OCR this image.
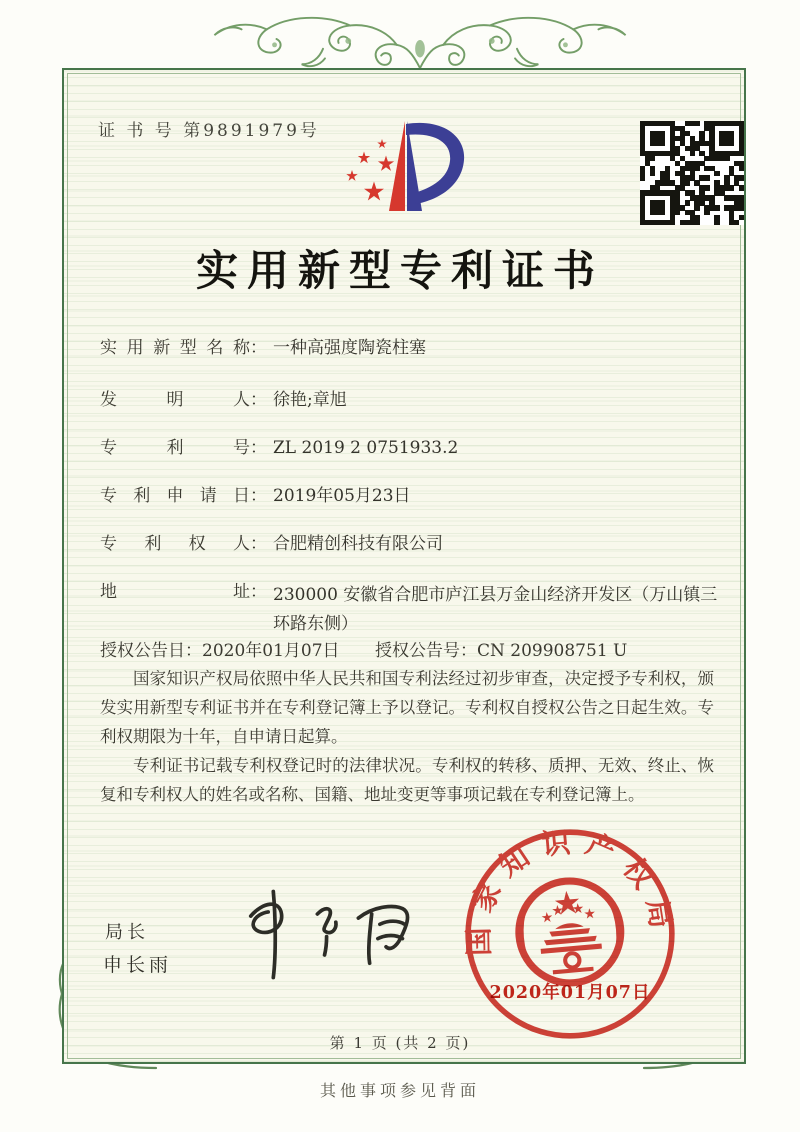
证 书 号 第9891979号
实用新型专利证书
实用新型名称 ： 一种高强度陶瓷柱塞
发明人 ： 徐艳;章旭
专利号 ： ZL 2019 2 0751933.2
专利申请日 ： 2019年05月23日
专利权人 ： 合肥精创科技有限公司
地址 ： 230000 安徽省合肥市庐江县万金山经济开发区（万山镇三环路东侧）
授权公告日：2020年01月07日 授权公告号：CN 209908751 U

国家知识产权局依照中华人民共和国专利法经过初步审查，决定授予专利权，颁发实用新型专利证书并在专利登记簿上予以登记。专利权自授权公告之日起生效。专利权期限为十年，自申请日起算。

专利证书记载专利权登记时的法律状况。专利权的转移、质押、无效、终止、恢复和专利权人的姓名或名称、国籍、地址变更等事项记载在专利登记簿上。

局长
申长雨
国家知识产权局
2020年01月07日
第 1 页 (共 2 页)
其他事项参见背面
